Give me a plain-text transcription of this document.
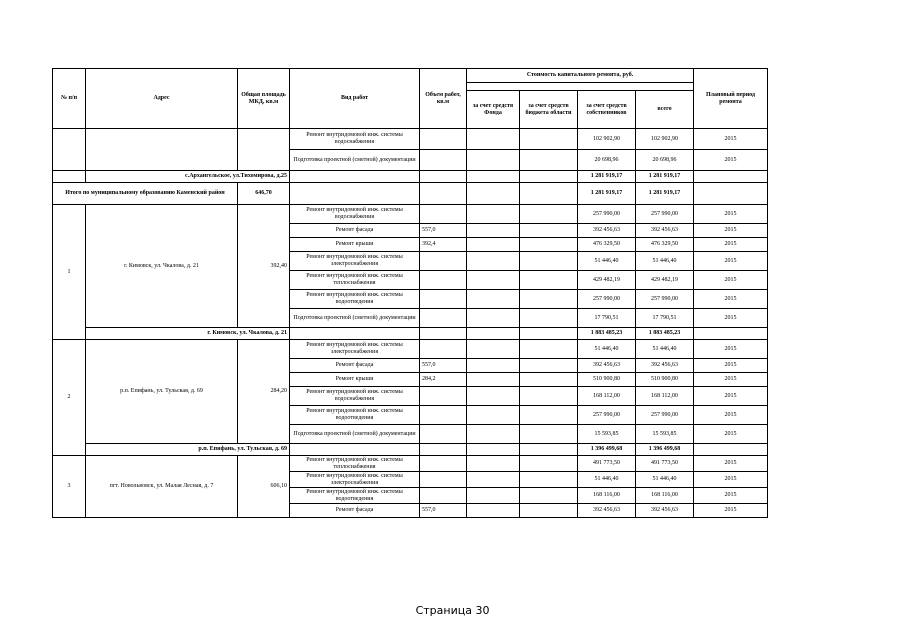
№ п/п	Адрес	Общая площадь МКД, кв.м	Вид работ	Объем работ, кв.м	Стоимость капитального ремонта, руб.				Плановый период ремонта

					за счет средств Фонда	за счет средств бюджета области	за счет средств собственников	всего	
			Ремонт внутридомовой инж. системы водоснабжения				102 902,90	102 902,90	2015
			Подготовка проектной (сметной) документации				20 698,96	20 698,96	2015
	с.Архангельское, ул.Тихомирова, д.25						1 281 919,17	1 281 919,17	
Итого по муниципальному образованию Каменский район		646,70					1 281 919,17	1 281 919,17	
1	г. Кимовск, ул. Чкалова, д. 21	392,40	Ремонт внутридомовой инж. системы водоснабжения				257 990,00	257 990,00	2015
			Ремонт фасада	557,0			392 456,63	392 456,63	2015
			Ремонт крыши	392,4			476 329,50	476 329,50	2015
			Ремонт внутридомовой инж. системы электроснабжения				51 446,40	51 446,40	2015
			Ремонт внутридомовой инж. системы теплоснабжения				429 482,19	429 482,19	2015
			Ремонт внутридомовой инж. системы водоотведения				257 990,00	257 990,00	2015
			Подготовка проектной (сметной) документации				17 790,51	17 790,51	2015
	г. Кимовск, ул. Чкалова, д. 21						1 883 485,23	1 883 485,23	
2	р.п. Епифань, ул. Тульская, д. 69	284,20	Ремонт внутридомовой инж. системы электроснабжения				51 446,40	51 446,40	2015
			Ремонт фасада	557,0			392 456,63	392 456,63	2015
			Ремонт крыши	284,2			510 900,80	510 900,80	2015
			Ремонт внутридомовой инж. системы водоснабжения				168 112,00	168 112,00	2015
			Ремонт внутридомовой инж. системы водоотведения				257 990,00	257 990,00	2015
			Подготовка проектной (сметной) документации				15 593,85	15 593,85	2015
	р.п. Епифань, ул. Тульская, д. 69						1 396 499,68	1 396 499,68	
3	пгт. Новольвовск, ул. Малая Лесная, д. 7	606,10	Ремонт внутридомовой инж. системы теплоснабжения				491 773,50	491 773,50	2015
			Ремонт внутридомовой инж. системы электроснабжения				51 446,40	51 446,40	2015
			Ремонт внутридомовой инж. системы водоотведения				168 116,00	168 116,00	2015
			Ремонт фасада	557,0			392 456,63	392 456,63	2015
Страница 30
